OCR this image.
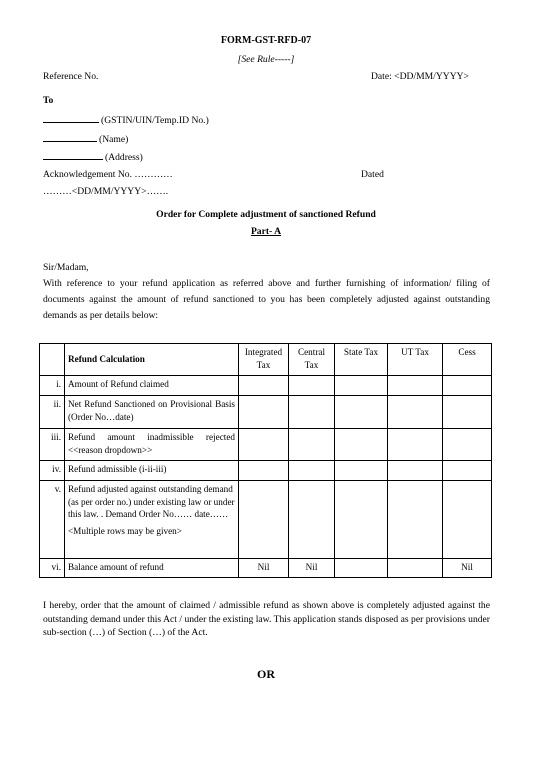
FORM-GST-RFD-07
[See Rule-----]
Reference No.	Date: <DD/MM/YYYY>
To
(GSTIN/UIN/Temp.ID No.)
(Name)
(Address)
Acknowledgement No. …………	Dated
………<DD/MM/YYYY>…….
Order for Complete adjustment of sanctioned Refund
Part- A
Sir/Madam,
With reference to your refund application as referred above and further furnishing of information/ filing of documents against the amount of refund sanctioned to you has been completely adjusted against outstanding demands as per details below:
	Refund Calculation	Integrated Tax	Central Tax	State Tax	UT Tax	Cess
i.	Amount of Refund claimed					
ii.	Net Refund Sanctioned on Provisional Basis (Order No…date)					
iii.	Refund amount inadmissible rejected <<reason dropdown>>					
iv.	Refund admissible (i-ii-iii)					
v.	Refund adjusted against outstanding demand (as per order no.) under existing law or under this law. . Demand Order No…… date……
<Multiple rows may be given>					

vi.	Balance amount of refund	Nil	Nil			Nil
I hereby, order that the amount of claimed / admissible refund as shown above is completely adjusted against the outstanding demand under this Act / under the existing law. This application stands disposed as per provisions under sub-section (…) of Section (…) of the Act.
OR
